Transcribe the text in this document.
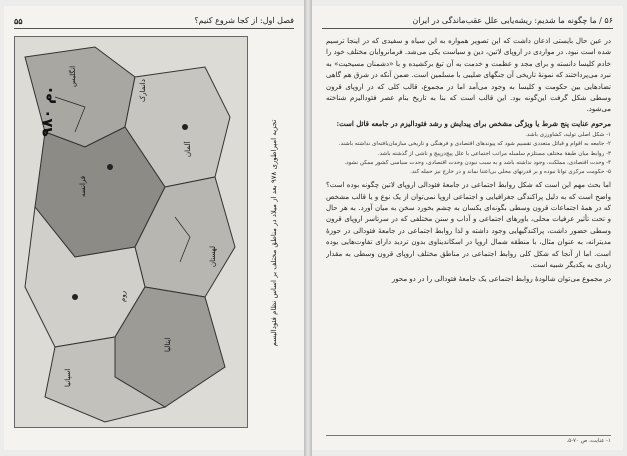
فصل اول: از کجا شروع کنیم؟
۵۵
دانمارک
انگلیس
فرانسه
آلمان
لهستان
ایتالیا
اسپانیا
روم
۹۸۰ م.
تجزیه امپراطوری ۹۷۸ بعد از میلاد در مناطق مختلف بر اساس نظام فئودالیسم
۵۶ / ما چگونه ما شدیم: ریشه‌یابی علل عقب‌ماندگی در ایران

در عین حال بایستی اذعان داشت که این تصویر همواره به این سیاه و سفیدی که در اینجا ترسیم شده است نبود. در مواردی در اروپای لاتین، دین و سیاست یکی می‌شد. فرمانروایان مختلف خود را خادم کلیسا دانسته و برای مجد و عظمت و خدمت به آن تیغ برکشیده و با «دشمنان مسیحیت» به نبرد می‌پرداختند که نمونهٔ تاریخی آن جنگهای صلیبی با مسلمین است. ضمن آنکه در شرق هم گاهی تضادهایی بین حکومت و کلیسا به وجود می‌آمد اما در مجموع، قالب کلی که در اروپای قرون وسطی شکل گرفت این‌گونه بود. این قالب است که بنا به تاریخ بنام عصر فئودالیزم شناخته می‌شود.

مرحوم عنایت پنج شرط یا ویژگی مشخص برای پیدایش و رشد فئودالیزم در جامعه قائل است:

۱- شکل اصلی تولید، کشاورزی باشد.
۲- جامعه به اقوام و قبائل متعددی تقسیم شود که پیوندهای اقتصادی و فرهنگی و تاریخی سازمان‌یافته‌ای نداشته باشند.
۳- روابط میان طبقهٔ مختلف مستلزم سلسله مراتب اجتماعی با علل پیچ‌در‌پیچ و ناشی از گذشته باشد.
۴- وحدت اقتصادی، مملکت، وجود نداشته باشد و به سبب نبودن وحدت اقتصادی، وحدت سیاسی کشور ممکن نشود.
۵- حکومت مرکزی توانا نبوده و بر قدرتهای محلی بی‌اعتنا نماند و در خارج نیز حمله کند.

اما بحث مهم این است که شکل روابط اجتماعی در جامعهٔ فئودالی اروپای لاتین چگونه بوده است؟ واضح است که به دلیل پراکندگی جغرافیایی و اجتماعی اروپا نمی‌توان از یک نوع و یا قالب مشخص که در همهٔ اجتماعات قرون وسطی بگونه‌ای یکسان به چشم بخورد سخن به میان آورد. به هر حال و تحت تأثیر عرفیات محلی، باورهای اجتماعی و آداب و سنن مختلفی که در سرتاسر اروپای قرون وسطی حضور داشت، پراکندگیهایی وجود داشته و لذا روابط اجتماعی در جامعهٔ فئودالی در حوزهٔ مدیترانه، به عنوان مثال، با منطقه شمال اروپا در اسکاندیناوی بدون تردید دارای تفاوت‌هایی بوده است. اما از آنجا که شکل کلی روابط اجتماعی در مناطق مختلف اروپای قرون وسطی به مقدار زیادی به یکدیگر شبیه است.

در مجموع می‌توان شالودهٔ روابط اجتماعی یک جامعهٔ فئودالی را در دو محور

۱- عنایت، ص ۷۰-۵.
